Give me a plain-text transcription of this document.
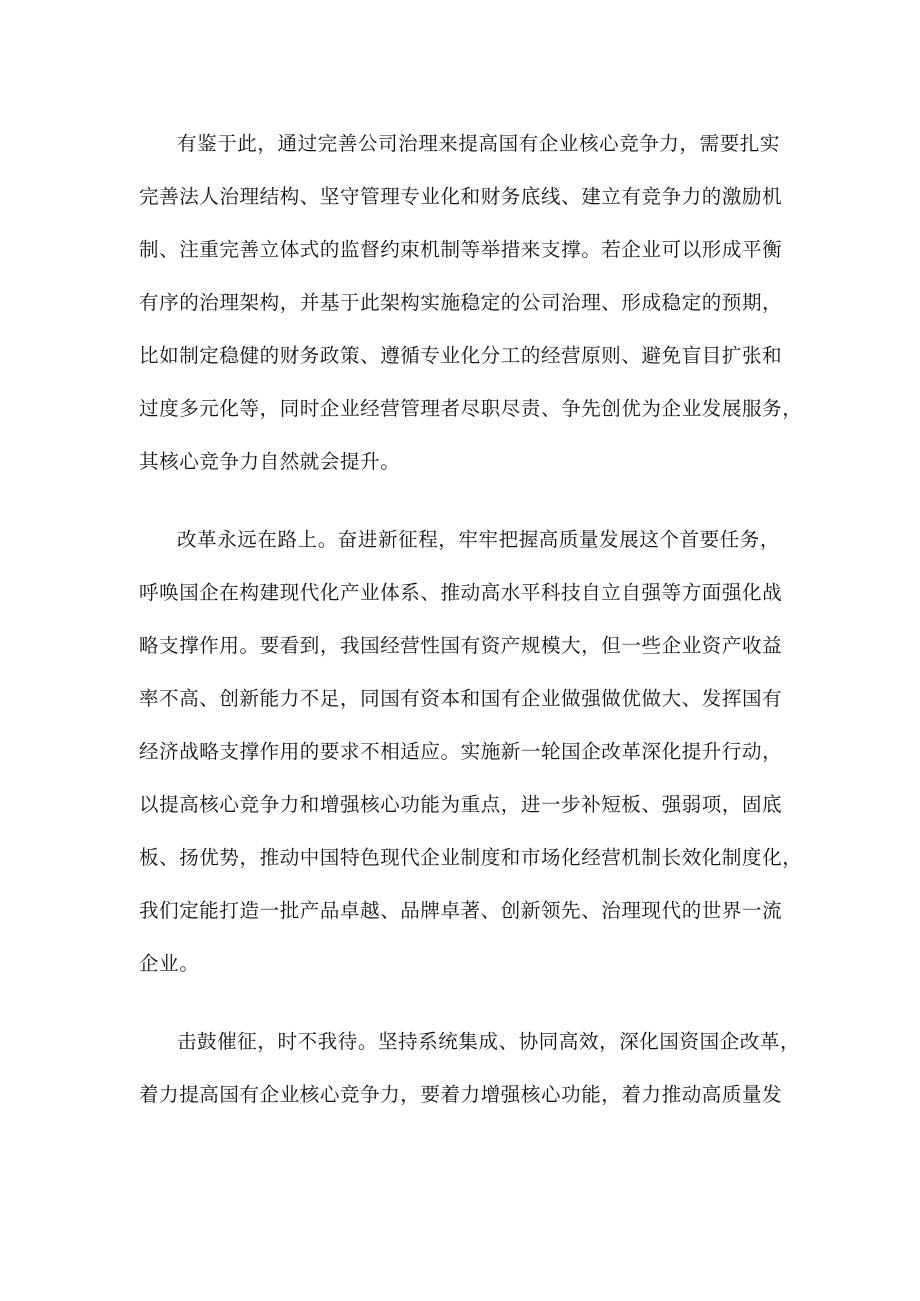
有鉴于此，通过完善公司治理来提高国有企业核心竞争力，需要扎实
完善法人治理结构、坚守管理专业化和财务底线、建立有竞争力的激励机
制、注重完善立体式的监督约束机制等举措来支撑。若企业可以形成平衡
有序的治理架构，并基于此架构实施稳定的公司治理、形成稳定的预期，
比如制定稳健的财务政策、遵循专业化分工的经营原则、避免盲目扩张和
过度多元化等，同时企业经营管理者尽职尽责、争先创优为企业发展服务，
其核心竞争力自然就会提升。
改革永远在路上。奋进新征程，牢牢把握高质量发展这个首要任务，
呼唤国企在构建现代化产业体系、推动高水平科技自立自强等方面强化战
略支撑作用。要看到，我国经营性国有资产规模大，但一些企业资产收益
率不高、创新能力不足，同国有资本和国有企业做强做优做大、发挥国有
经济战略支撑作用的要求不相适应。实施新一轮国企改革深化提升行动，
以提高核心竞争力和增强核心功能为重点，进一步补短板、强弱项，固底
板、扬优势，推动中国特色现代企业制度和市场化经营机制长效化制度化，
我们定能打造一批产品卓越、品牌卓著、创新领先、治理现代的世界一流
企业。
击鼓催征，时不我待。坚持系统集成、协同高效，深化国资国企改革，
着力提高国有企业核心竞争力，要着力增强核心功能，着力推动高质量发
